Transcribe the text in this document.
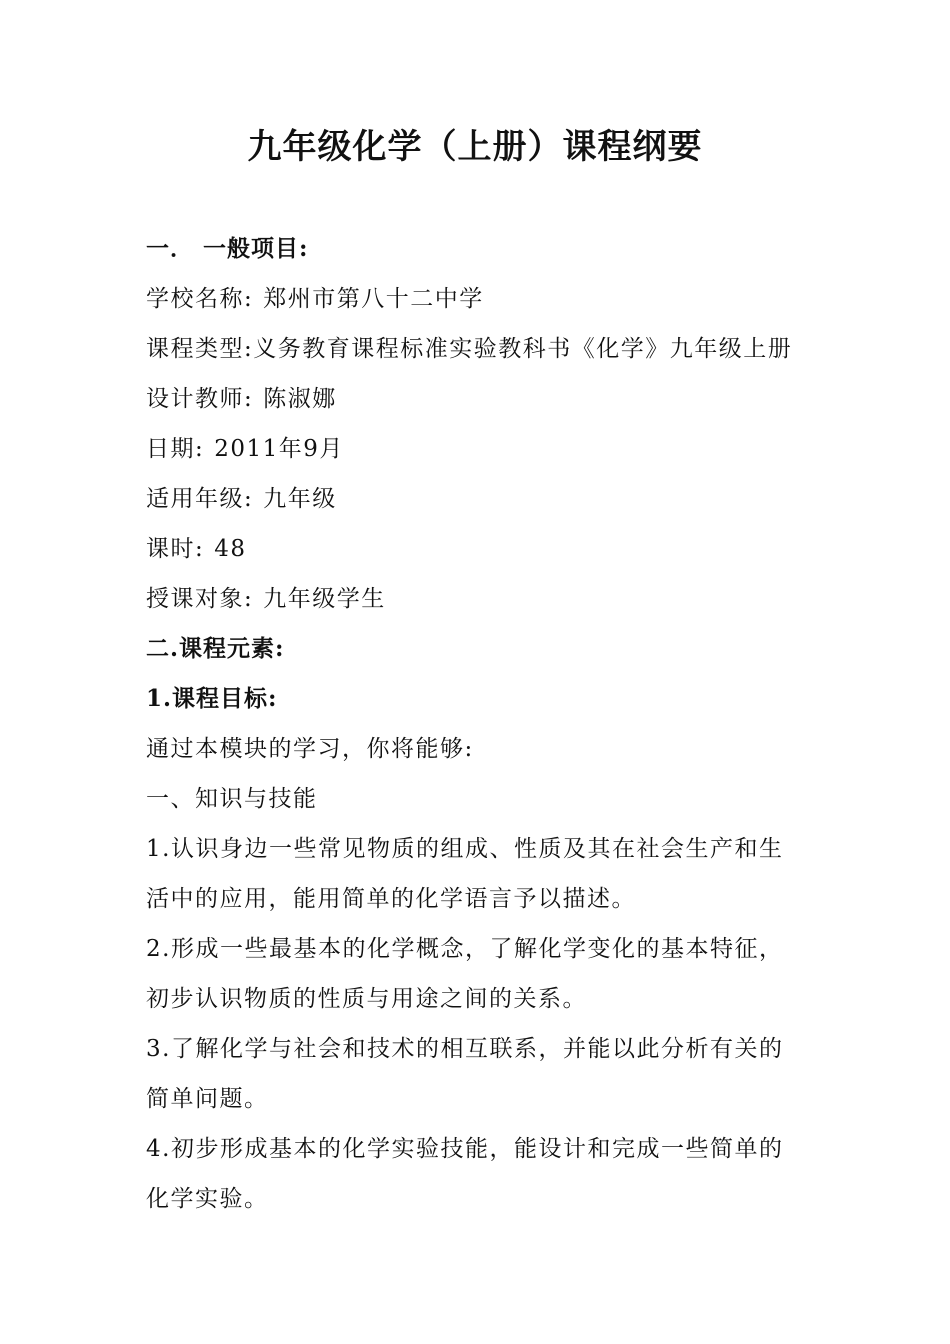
九年级化学（上册）课程纲要
一． 一般项目:
学校名称: 郑州市第八十二中学
课程类型:义务教育课程标准实验教科书《化学》九年级上册
设计教师: 陈淑娜
日期: 2011年9月
适用年级: 九年级
课时: 48
授课对象: 九年级学生
二.课程元素:
1.课程目标:
通过本模块的学习，你将能够:
一、知识与技能
1.认识身边一些常见物质的组成、性质及其在社会生产和生
活中的应用，能用简单的化学语言予以描述。
2.形成一些最基本的化学概念，了解化学变化的基本特征，
初步认识物质的性质与用途之间的关系。
3.了解化学与社会和技术的相互联系，并能以此分析有关的
简单问题。
4.初步形成基本的化学实验技能，能设计和完成一些简单的
化学实验。
